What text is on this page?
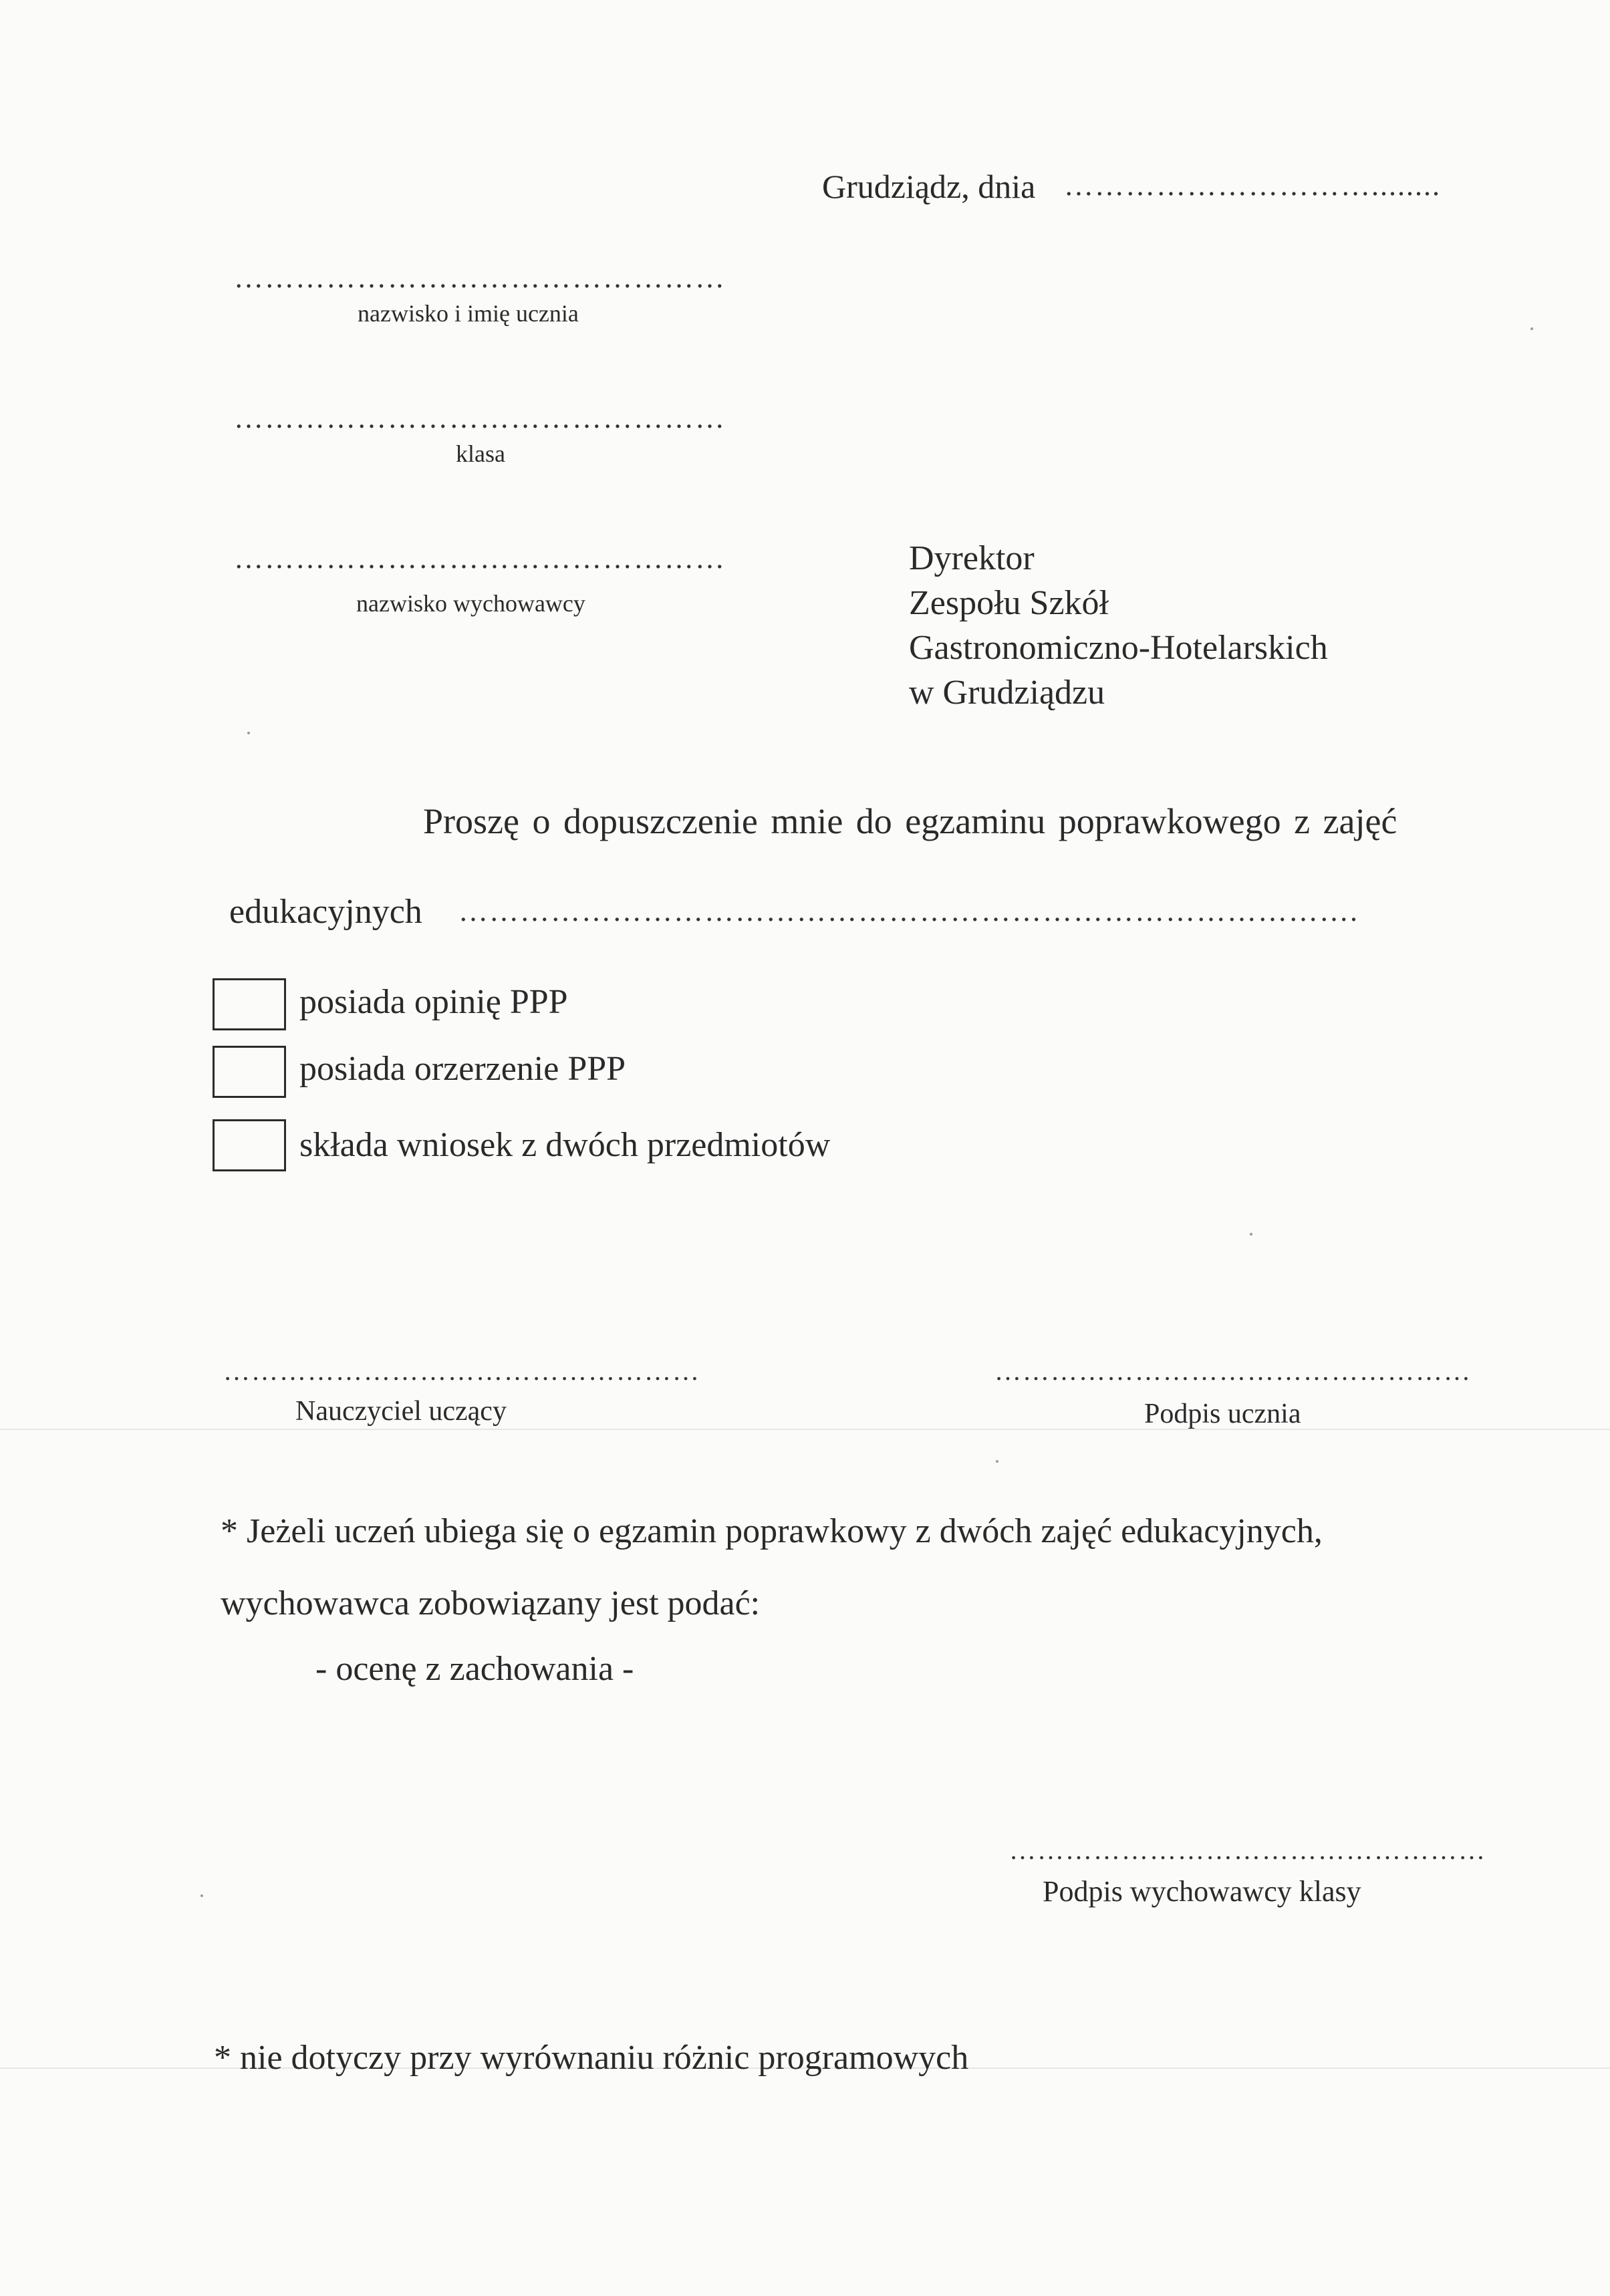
Grudziądz, dnia …………………………........
…………………………………………
nazwisko i imię ucznia
…………………………………………
klasa
…………………………………………
nazwisko wychowawcy
Dyrektor
Zespołu Szkół
Gastronomiczno-Hotelarskich
w Grudziądzu
Proszę o dopuszczenie mnie do egzaminu poprawkowego z zajęć
edukacyjnych …………………………………………………………………………….
posiada opinię PPP
posiada orzerzenie PPP
składa wniosek z dwóch przedmiotów
……………………………………………
Nauczyciel uczący
……………………………………………
Podpis ucznia
* Jeżeli uczeń ubiega się o egzamin poprawkowy z dwóch zajęć edukacyjnych,
wychowawca zobowiązany jest podać:
- ocenę z zachowania -
……………………………………………
Podpis wychowawcy klasy
* nie dotyczy przy wyrównaniu różnic programowych
